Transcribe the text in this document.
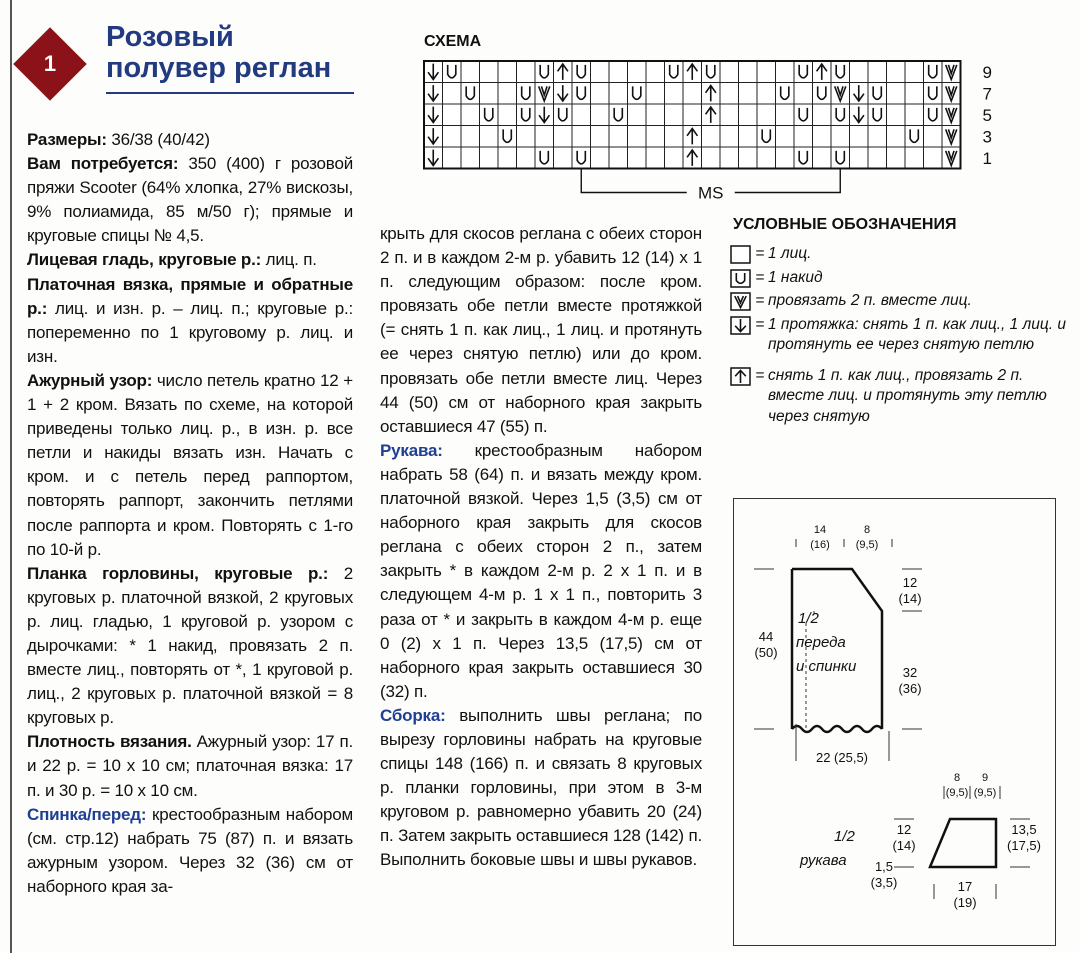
1
Розовый
полувер реглан

Размеры: 36/38 (40/42)

Вам потребуется: 350 (400) г розовой пряжи Scooter (64% хлопка, 27% вискозы, 9% полиамида, 85 м/50 г); прямые и круговые спицы № 4,5.

Лицевая гладь, круговые р.: лиц. п.

Платочная вязка, прямые и обратные р.: лиц. и изн. р. – лиц. п.; круговые р.: попеременно по 1 круговому р. лиц. и изн.

Ажурный узор: число петель кратно 12 + 1 + 2 кром. Вязать по схеме, на которой приведены только лиц. р., в изн. р. все петли и накиды вязать изн. Начать с кром. и с петель перед раппортом, повторять раппорт, закончить петлями после раппорта и кром. Повторять с 1-го по 10-й р.

Планка горловины, круговые р.: 2 круговых р. платочной вязкой, 2 круговых р. лиц. гладью, 1 круговой р. узором с дырочками: * 1 накид, провязать 2 п. вместе лиц., повторять от *, 1 круговой р. лиц., 2 круговых р. платочной вязкой = 8 круговых р.

Плотность вязания. Ажурный узор: 17 п. и 22 р. = 10 х 10 см; платочная вязка: 17 п. и 30 р. = 10 х 10 см.

Спинка/перед: крестообразным набором (см. стр.12) набрать 75 (87) п. и вязать ажурным узором. Через 32 (36) см от наборного края за-

крыть для скосов реглана с обеих сторон 2 п. и в каждом 2-м р. убавить 12 (14) х 1 п. следующим образом: после кром. провязать обе петли вместе протяжкой (= снять 1 п. как лиц., 1 лиц. и протянуть ее через снятую петлю) или до кром. провязать обе петли вместе лиц. Через 44 (50) см от наборного края закрыть оставшиеся 47 (55) п.

Рукава: крестообразным набором набрать 58 (64) п. и вязать между кром. платочной вязкой. Через 1,5 (3,5) см от наборного края закрыть для скосов реглана с обеих сторон 2 п., затем закрыть * в каждом 2-м р. 2 х 1 п. и в следующем 4-м р. 1 х 1 п., повторить 3 раза от * и закрыть в каждом 4-м р. еще 0 (2) х 1 п. Через 13,5 (17,5) см от наборного края закрыть оставшиеся 30 (32) п.

Сборка: выполнить швы реглана; по вырезу горловины набрать на круговые спицы 148 (166) п. и связать 8 круговых р. планки горловины, при этом в 3-м круговом р. равномерно убавить 20 (24) п. Затем закрыть оставшиеся 128 (142) п. Выполнить боковые швы и швы рукавов.

СХЕМА
9
7
5
3
1
MS
УСЛОВНЫЕ ОБОЗНАЧЕНИЯ
= 1 лиц.
= 1 накид
= провязать 2 п. вместе лиц.
= 1 протяжка: снять 1 п. как лиц., 1 лиц. и протянуть ее через снятую петлю
= снять 1 п. как лиц., провязать 2 п. вместе лиц. и протянуть эту петлю через снятую
14
(16)
8
(9,5)
12
(14)
44
(50)
32
(36)
22 (25,5)
1/2
переда
и спинки
8
(9,5)
9
(9,5)
12
(14)
1,5
(3,5)
13,5
(17,5)
17
(19)
1/2
рукава
